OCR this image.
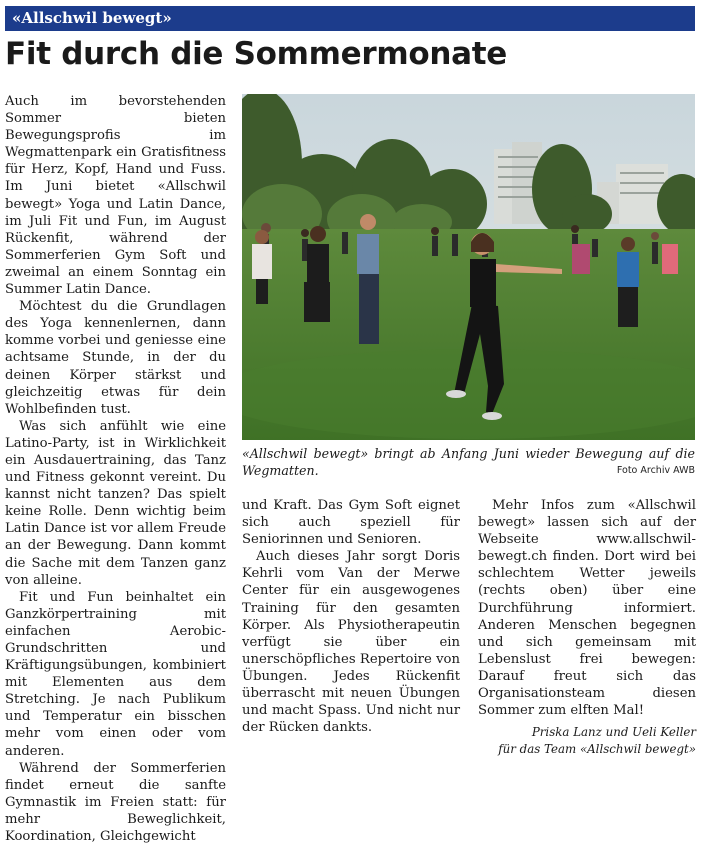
«Allschwil bewegt»
Fit durch die Sommermonate

Auch im bevorstehenden Sommer bieten Bewegungsprofis im Wegmattenpark ein Gratisfitness für Herz, Kopf, Hand und Fuss. Im Juni bietet «Allschwil bewegt» Yoga und Latin Dance, im Juli Fit und Fun, im August Rückenfit, während der Sommerferien Gym Soft und zweimal an einem Sonntag ein Summer Latin Dance.

Möchtest du die Grundlagen des Yoga kennenlernen, dann komme vorbei und geniesse eine achtsame Stunde, in der du deinen Körper stärkst und gleichzeitig etwas für dein Wohlbefinden tust.

Was sich anfühlt wie eine Latino-Party, ist in Wirklichkeit ein Ausdauertraining, das Tanz und Fitness gekonnt vereint. Du kannst nicht tanzen? Das spielt keine Rolle. Denn wichtig beim Latin Dance ist vor allem Freude an der Bewegung. Dann kommt die Sache mit dem Tanzen ganz von alleine.

Fit und Fun beinhaltet ein Ganzkörpertraining mit einfachen Aerobic-Grundschritten und Kräftigungsübungen, kombiniert mit Elementen aus dem Stretching. Je nach Publikum und Temperatur ein bisschen mehr vom einen oder vom anderen.

Während der Sommerferien findet erneut die sanfte Gymnastik im Freien statt: für mehr Beweglichkeit, Koordination, Gleichgewicht

«Allschwil bewegt» bringt ab Anfang Juni wieder Bewegung auf die Wegmatten.	Foto Archiv AWB

und Kraft. Das Gym Soft eignet sich auch speziell für Seniorinnen und Senioren.

Auch dieses Jahr sorgt Doris Kehrli vom Van der Merwe Center für ein ausgewogenes Training für den gesamten Körper. Als Physiotherapeutin verfügt sie über ein unerschöpfliches Repertoire von Übungen. Jedes Rückenfit überrascht mit neuen Übungen und macht Spass. Und nicht nur der Rücken dankts.

Mehr Infos zum «Allschwil bewegt» lassen sich auf der Webseite www.allschwil-bewegt.ch finden. Dort wird bei schlechtem Wetter jeweils (rechts oben) über eine Durchführung informiert. Anderen Menschen begegnen und sich gemeinsam mit Lebenslust frei bewegen: Darauf freut sich das Organisationsteam diesen Sommer zum elften Mal!

Priska Lanz und Ueli Keller

für das Team «Allschwil bewegt»
